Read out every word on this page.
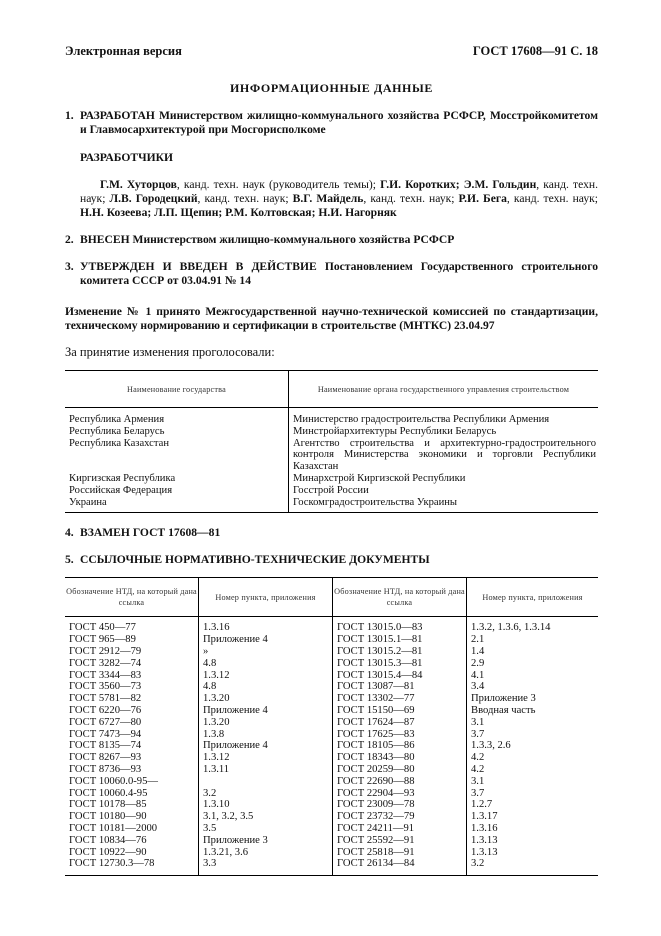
Электронная версия	ГОСТ 17608—91 С. 18
ИНФОРМАЦИОННЫЕ ДАННЫЕ
1. РАЗРАБОТАН Министерством жилищно-коммунального хозяйства РСФСР, Мосстройкомитетом и Главмосархитектурой при Мосгорисполкоме
РАЗРАБОТЧИКИ
Г.М. Хуторцов, канд. техн. наук (руководитель темы); Г.И. Коротких; Э.М. Гольдин, канд. техн. наук; Л.В. Городецкий, канд. техн. наук; В.Г. Майдель, канд. техн. наук; Р.И. Бега, канд. техн. наук; Н.Н. Козеева; Л.П. Щепин; Р.М. Колтовская; Н.И. Нагорняк
2. ВНЕСЕН Министерством жилищно-коммунального хозяйства РСФСР
3. УТВЕРЖДЕН И ВВЕДЕН В ДЕЙСТВИЕ Постановлением Государственного строительного комитета СССР от 03.04.91 № 14
Изменение № 1 принято Межгосударственной научно-технической комиссией по стандартизации, техническому нормированию и сертификации в строительстве (МНТКС) 23.04.97
За принятие изменения проголосовали:
Наименование государства	Наименование органа государственного управления строительством
Республика Армения	Министерство градостроительства Республики Армения
Республика Беларусь	Минстройархитектуры Республики Беларусь
Республика Казахстан	Агентство строительства и архитектурно-градостроительного контроля Министерства экономики и торговли Республики Казахстан
Киргизская Республика	Минархстрой Киргизской Республики
Российская Федерация	Госстрой России
Украина	Госкомградостроительства Украины
4. ВЗАМЕН ГОСТ 17608—81
5. ССЫЛОЧНЫЕ НОРМАТИВНО-ТЕХНИЧЕСКИЕ ДОКУМЕНТЫ
Обозначение НТД, на который дана ссылка	Номер пункта, приложения	Обозначение НТД, на который дана ссылка	Номер пункта, приложения
ГОСТ 450—77	1.3.16	ГОСТ 13015.0—83	1.3.2, 1.3.6, 1.3.14
ГОСТ 965—89	Приложение 4	ГОСТ 13015.1—81	2.1
ГОСТ 2912—79	»	ГОСТ 13015.2—81	1.4
ГОСТ 3282—74	4.8	ГОСТ 13015.3—81	2.9
ГОСТ 3344—83	1.3.12	ГОСТ 13015.4—84	4.1
ГОСТ 3560—73	4.8	ГОСТ 13087—81	3.4
ГОСТ 5781—82	1.3.20	ГОСТ 13302—77	Приложение 3
ГОСТ 6220—76	Приложение 4	ГОСТ 15150—69	Вводная часть
ГОСТ 6727—80	1.3.20	ГОСТ 17624—87	3.1
ГОСТ 7473—94	1.3.8	ГОСТ 17625—83	3.7
ГОСТ 8135—74	Приложение 4	ГОСТ 18105—86	1.3.3, 2.6
ГОСТ 8267—93	1.3.12	ГОСТ 18343—80	4.2
ГОСТ 8736—93	1.3.11	ГОСТ 20259—80	4.2
ГОСТ 10060.0-95—		ГОСТ 22690—88	3.1
ГОСТ 10060.4-95	3.2	ГОСТ 22904—93	3.7
ГОСТ 10178—85	1.3.10	ГОСТ 23009—78	1.2.7
ГОСТ 10180—90	3.1, 3.2, 3.5	ГОСТ 23732—79	1.3.17
ГОСТ 10181—2000	3.5	ГОСТ 24211—91	1.3.16
ГОСТ 10834—76	Приложение 3	ГОСТ 25592—91	1.3.13
ГОСТ 10922—90	1.3.21, 3.6	ГОСТ 25818—91	1.3.13
ГОСТ 12730.3—78	3.3	ГОСТ 26134—84	3.2
